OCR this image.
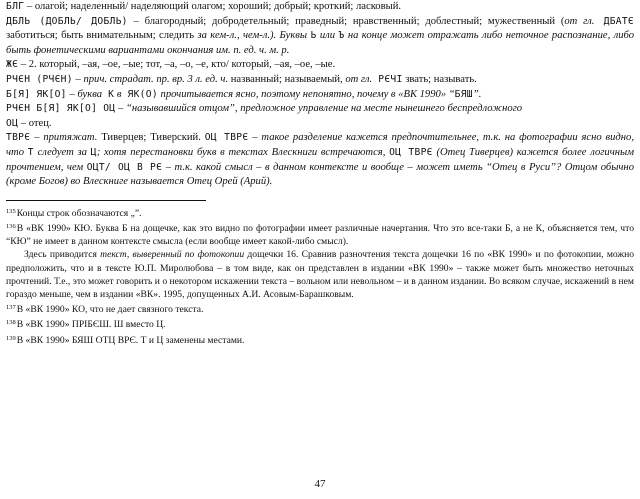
БЛГ – олагой; наделенный/ наделяющий олагом; хороший; добрый; кроткий; ласковый.

ДБЛЬ (ДОБЛЬ/ ДОБЛЬ) – благородный; добродетельный; праведный; нравственный; доблестный; мужественный (от гл. ДБАТЄ заботиться; быть внимательным; следить за кем-л., чем-л.). Буквы Ь или Ъ на конце может отражать либо неточное распознание, либо быть фонетическими вариантами окончания им. п. ед. ч. м. р.

ЖЄ – 2. который, –ая, –ое, –ые; тот, –а, –о, –е, кто/ который, –ая, –ое, –ые.

РЧЄН (РЧЄН) – прич. страдат. пр. вр. 3 л. ед. ч. названный; называемый, от гл. РЄЧІ звать; называть.

Б[Я] ЯК[О] – буква К в ЯК(О) прочитывается ясно, поэтому непонятно, почему в «ВК 1990» “БЯШ”.

РЧЄН Б[Я] ЯК[О] ОЦ – “называвшийся отцом”, предложное управление на месте нынешнего беспредложного

ОЦ – отец.

ТВРЄ – притяжат. Тиверцев; Тиверский. ОЦ ТВРЄ – такое разделение кажется предпочтительнее, т.к. на фотографии ясно видно, что Т следует за Ц; хотя перестановки букв в текстах Влескниги встречаются, ОЦ ТВРЄ (Отец Тиверцев) кажется более логичным прочтением, чем ОЦТ/ ОЦ В РЄ – т.к. какой смысл – в данном контексте и вообще – может иметь “Отец в Руси”? Отцом обычно (кроме Богов) во Влескниге называется Отец Орей (Арий).

$^{135}$Концы строк обозначаются „”.

$^{136}$В «ВК 1990» КЮ. Буква Б на дощечке, как это видно по фотографии имеет различные начертания. Что это все-таки Б, а не К, объясняется тем, что “КЮ” не имеет в данном контексте смысла (если вообще имеет какой-либо смысл).

Здесь приводится текст, выверенный по фотокопии дощечки 16. Сравнив разночтения текста дощечки 16 по «ВК 1990» и по фотокопии, можно предположить, что и в тексте Ю.П. Миролюбова – в том виде, как он представлен в издании «ВК 1990» – также может быть множество неточных прочтений. Т.е., это может говорить и о некотором искажении текста – вольном или невольном – и в данном издании. Во всяком случае, искажений в нем гораздо меньше, чем в издании «ВК». 1995, допущенных А.И. Асовым-Барашковым.

$^{137}$В «ВК 1990» КО, что не дает связного текста.

$^{138}$В «ВК 1990» ПРІБЄШ. Ш вместо Ц.

$^{139}$В «ВК 1990» БЯШ ОТЦ ВРЄ. Т и Ц заменены местами.

47
